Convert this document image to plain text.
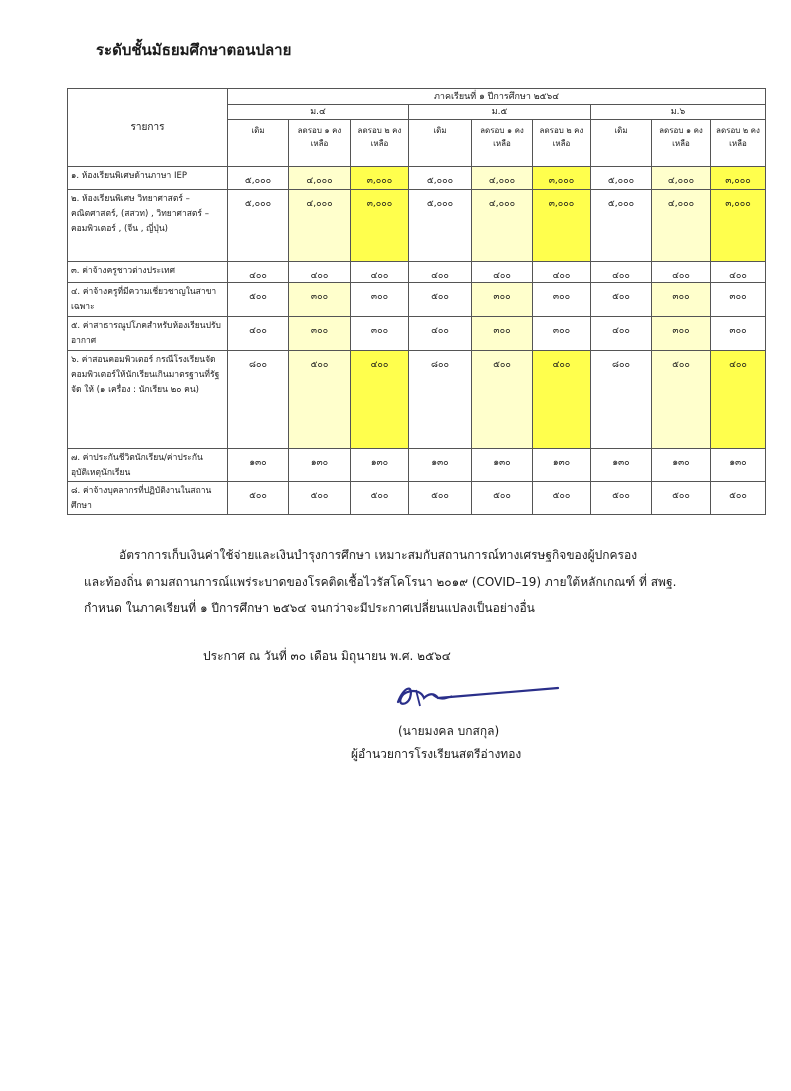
ระดับชั้นมัธยมศึกษาตอนปลาย
รายการ	ภาคเรียนที่ ๑ ปีการศึกษา ๒๕๖๔								
	ม.๔			ม.๕			ม.๖		
	เดิม	ลดรอบ ๑ คงเหลือ	ลดรอบ ๒ คงเหลือ	เดิม	ลดรอบ ๑ คงเหลือ	ลดรอบ ๒ คงเหลือ	เดิม	ลดรอบ ๑ คงเหลือ	ลดรอบ ๒ คงเหลือ
๑. ห้องเรียนพิเศษด้านภาษา IEP	๕,๐๐๐	๔,๐๐๐	๓,๐๐๐	๕,๐๐๐	๔,๐๐๐	๓,๐๐๐	๕,๐๐๐	๔,๐๐๐	๓,๐๐๐
๒. ห้องเรียนพิเศษ วิทยาศาสตร์ – คณิตศาสตร์, (สสวท) , วิทยาศาสตร์ – คอมพิวเตอร์ , (จีน , ญี่ปุ่น)	๕,๐๐๐	๔,๐๐๐	๓,๐๐๐	๕,๐๐๐	๔,๐๐๐	๓,๐๐๐	๕,๐๐๐	๔,๐๐๐	๓,๐๐๐
๓. ค่าจ้างครูชาวต่างประเทศ	๔๐๐	๔๐๐	๔๐๐	๔๐๐	๔๐๐	๔๐๐	๔๐๐	๔๐๐	๔๐๐
๔. ค่าจ้างครูที่มีความเชี่ยวชาญในสาขาเฉพาะ	๕๐๐	๓๐๐	๓๐๐	๕๐๐	๓๐๐	๓๐๐	๕๐๐	๓๐๐	๓๐๐
๕. ค่าสาธารณูปโภคสำหรับห้องเรียนปรับอากาศ	๔๐๐	๓๐๐	๓๐๐	๔๐๐	๓๐๐	๓๐๐	๔๐๐	๓๐๐	๓๐๐
๖. ค่าสอนคอมพิวเตอร์ กรณีโรงเรียนจัดคอมพิวเตอร์ให้นักเรียนเกินมาตรฐานที่รัฐจัด ให้ (๑ เครื่อง : นักเรียน ๒๐ คน)	๘๐๐	๕๐๐	๔๐๐	๘๐๐	๕๐๐	๔๐๐	๘๐๐	๕๐๐	๔๐๐
๗. ค่าประกันชีวิตนักเรียน/ค่าประกันอุบัติเหตุนักเรียน	๑๓๐	๑๓๐	๑๓๐	๑๓๐	๑๓๐	๑๓๐	๑๓๐	๑๓๐	๑๓๐
๘. ค่าจ้างบุคลากรที่ปฏิบัติงานในสถานศึกษา	๕๐๐	๕๐๐	๕๐๐	๕๐๐	๕๐๐	๕๐๐	๕๐๐	๕๐๐	๕๐๐
อัตราการเก็บเงินค่าใช้จ่ายและเงินบำรุงการศึกษา เหมาะสมกับสถานการณ์ทางเศรษฐกิจของผู้ปกครอง
และท้องถิ่น ตามสถานการณ์แพร่ระบาดของโรคติดเชื้อไวรัสโคโรนา ๒๐๑๙ (COVID–19) ภายใต้หลักเกณฑ์ ที่ สพฐ.
กำหนด ในภาคเรียนที่ ๑ ปีการศึกษา ๒๕๖๔ จนกว่าจะมีประกาศเปลี่ยนแปลงเป็นอย่างอื่น
ประกาศ ณ วันที่ ๓๐ เดือน มิถุนายน พ.ศ. ๒๕๖๔
(นายมงคล บกสกุล)
ผู้อำนวยการโรงเรียนสตรีอ่างทอง
